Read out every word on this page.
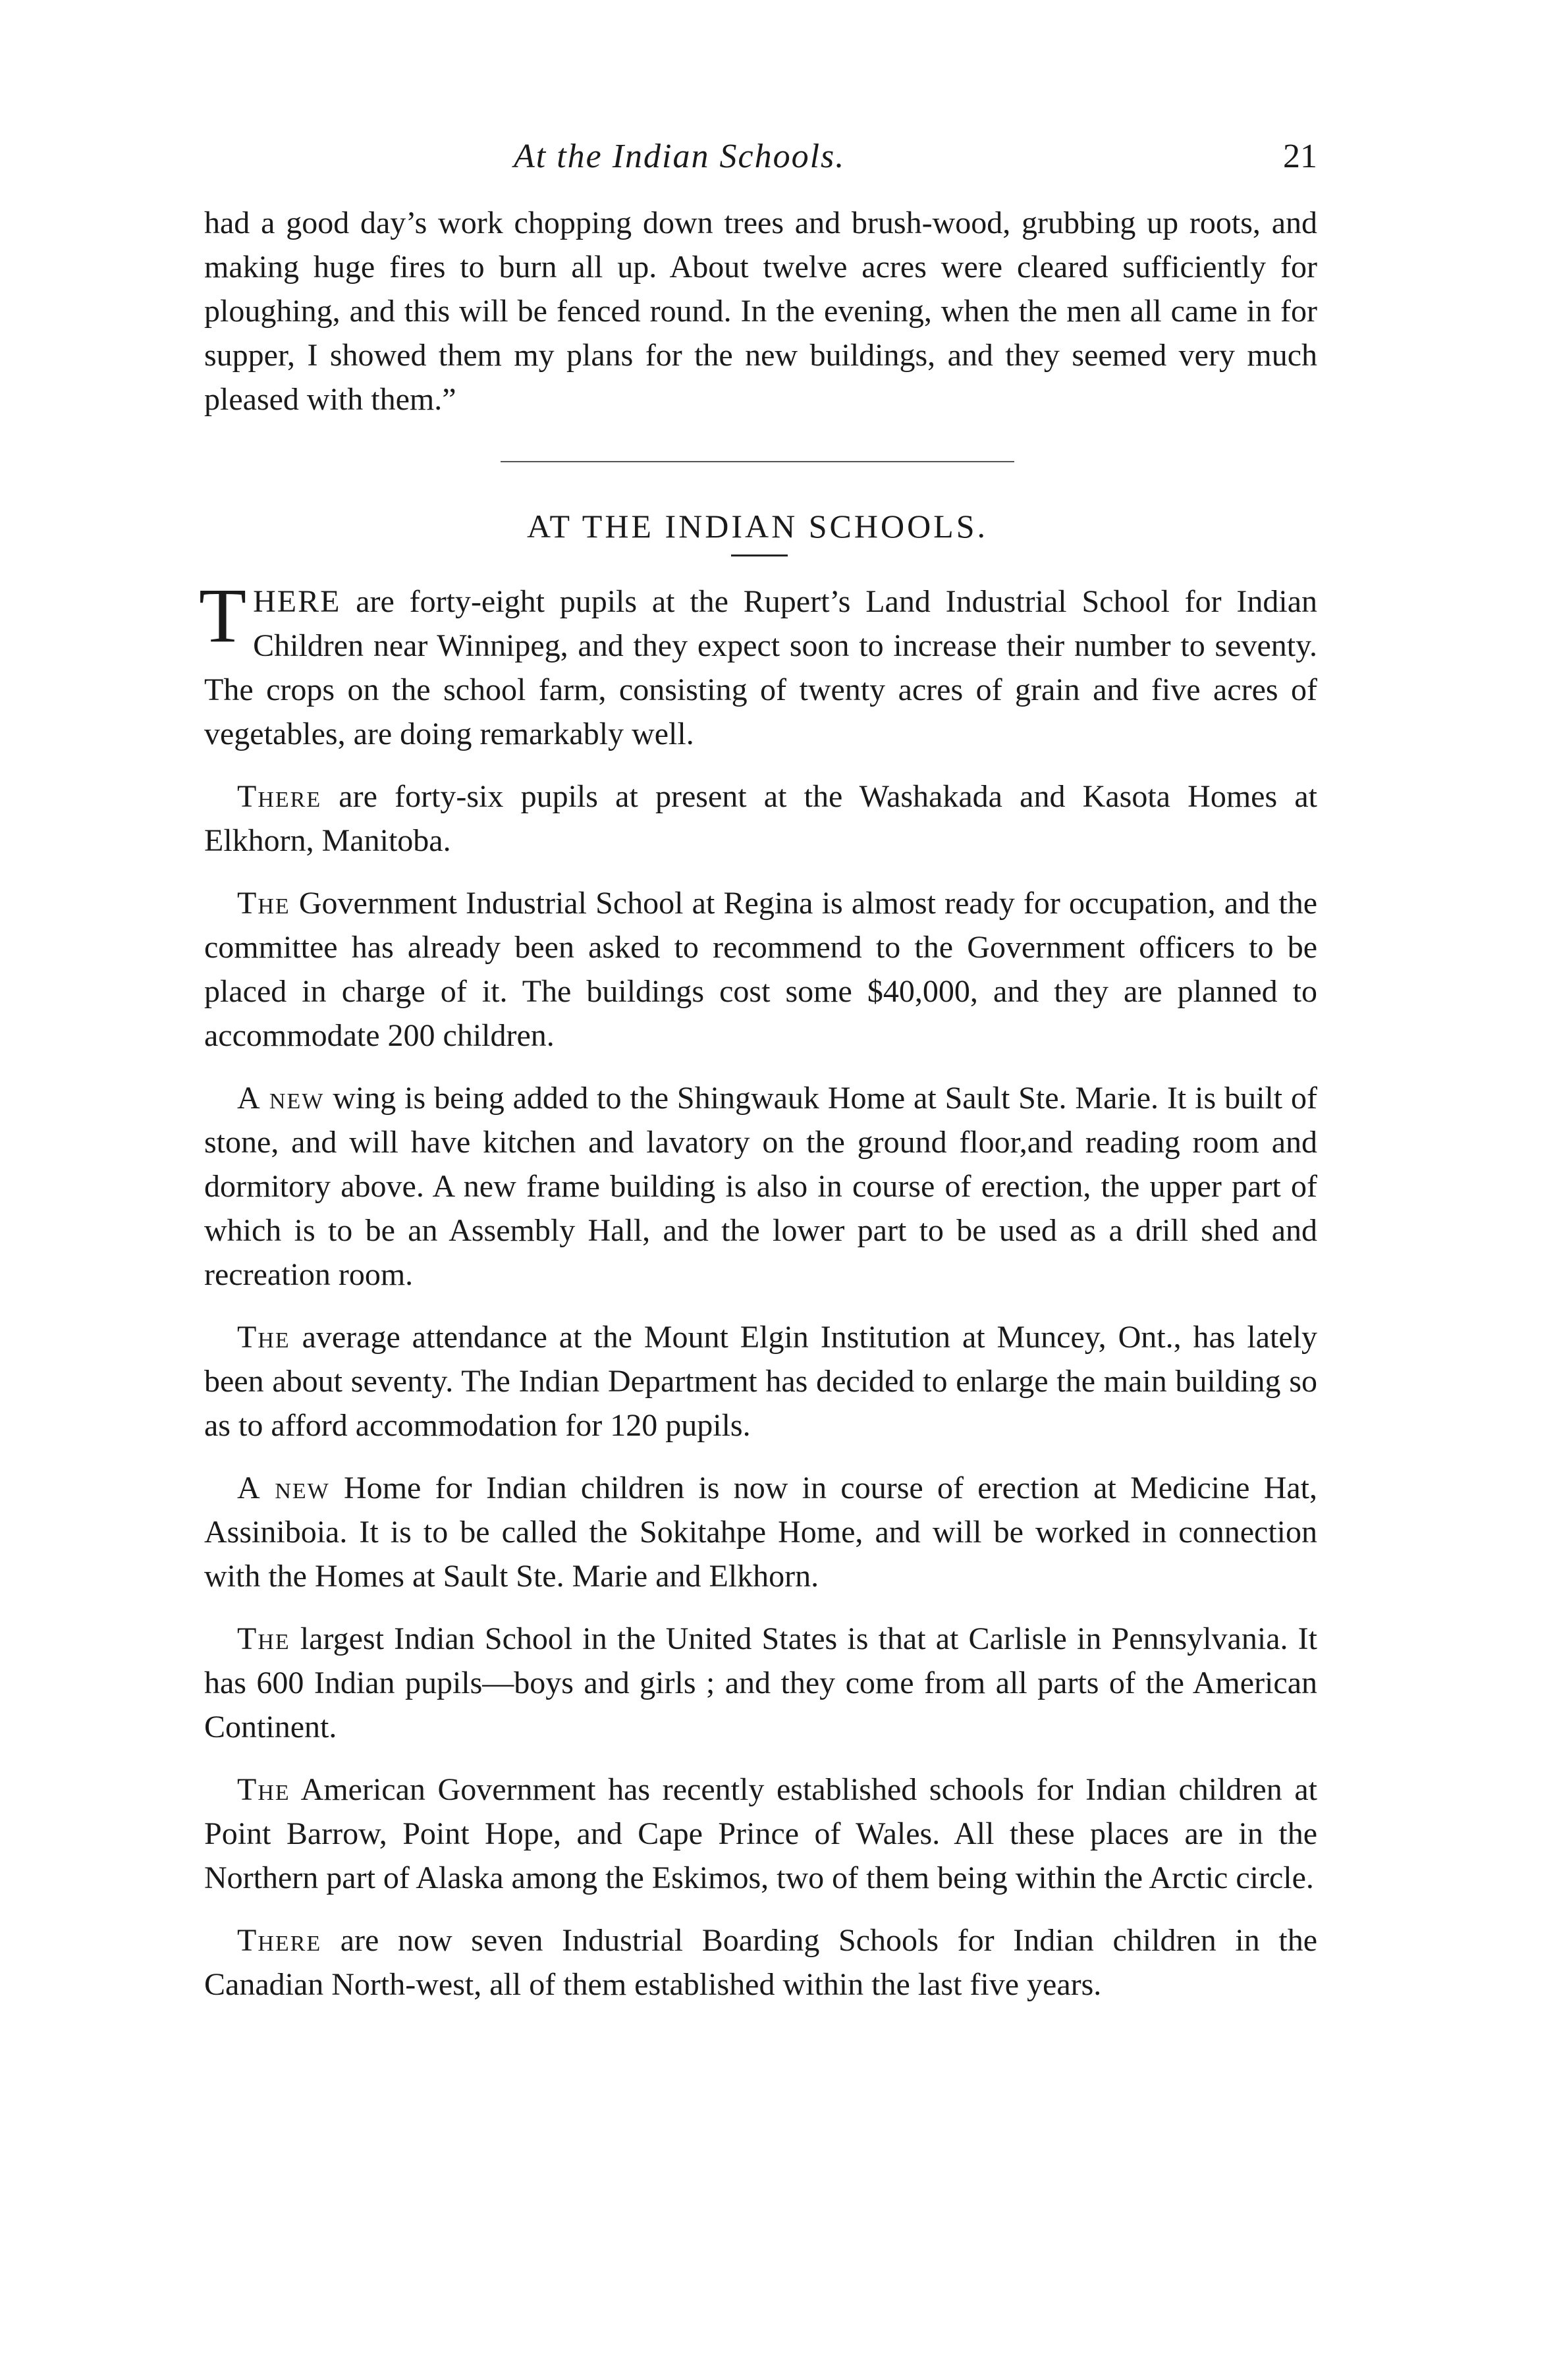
At the Indian Schools.	21

had a good day’s work chopping down trees and brush-wood, grubbing up roots, and making huge fires to burn all up. About twelve acres were cleared sufficiently for ploughing, and this will be fenced round. In the evening, when the men all came in for supper, I showed them my plans for the new buildings, and they seemed very much pleased with them.”

AT THE INDIAN SCHOOLS.

THERE are forty-eight pupils at the Rupert’s Land Industrial School for Indian Children near Winnipeg, and they expect soon to increase their number to seventy. The crops on the school farm, consisting of twenty acres of grain and five acres of vegetables, are doing remarkably well.

There are forty-six pupils at present at the Washakada and Kasota Homes at Elkhorn, Manitoba.

The Government Industrial School at Regina is almost ready for occupation, and the committee has already been asked to recommend to the Government officers to be placed in charge of it. The buildings cost some $40,000, and they are planned to accommodate 200 children.

A new wing is being added to the Shingwauk Home at Sault Ste. Marie. It is built of stone, and will have kitchen and lavatory on the ground floor,and reading room and dormitory above. A new frame building is also in course of erection, the upper part of which is to be an Assembly Hall, and the lower part to be used as a drill shed and recreation room.

The average attendance at the Mount Elgin Institution at Muncey, Ont., has lately been about seventy. The Indian Department has decided to enlarge the main building so as to afford accommodation for 120 pupils.

A new Home for Indian children is now in course of erection at Medicine Hat, Assiniboia. It is to be called the Sokitahpe Home, and will be worked in connection with the Homes at Sault Ste. Marie and Elkhorn.

The largest Indian School in the United States is that at Carlisle in Pennsylvania. It has 600 Indian pupils—boys and girls ; and they come from all parts of the American Continent.

The American Government has recently established schools for Indian children at Point Barrow, Point Hope, and Cape Prince of Wales. All these places are in the Northern part of Alaska among the Eskimos, two of them being within the Arctic circle.

There are now seven Industrial Boarding Schools for Indian children in the Canadian North-west, all of them established within the last five years.
